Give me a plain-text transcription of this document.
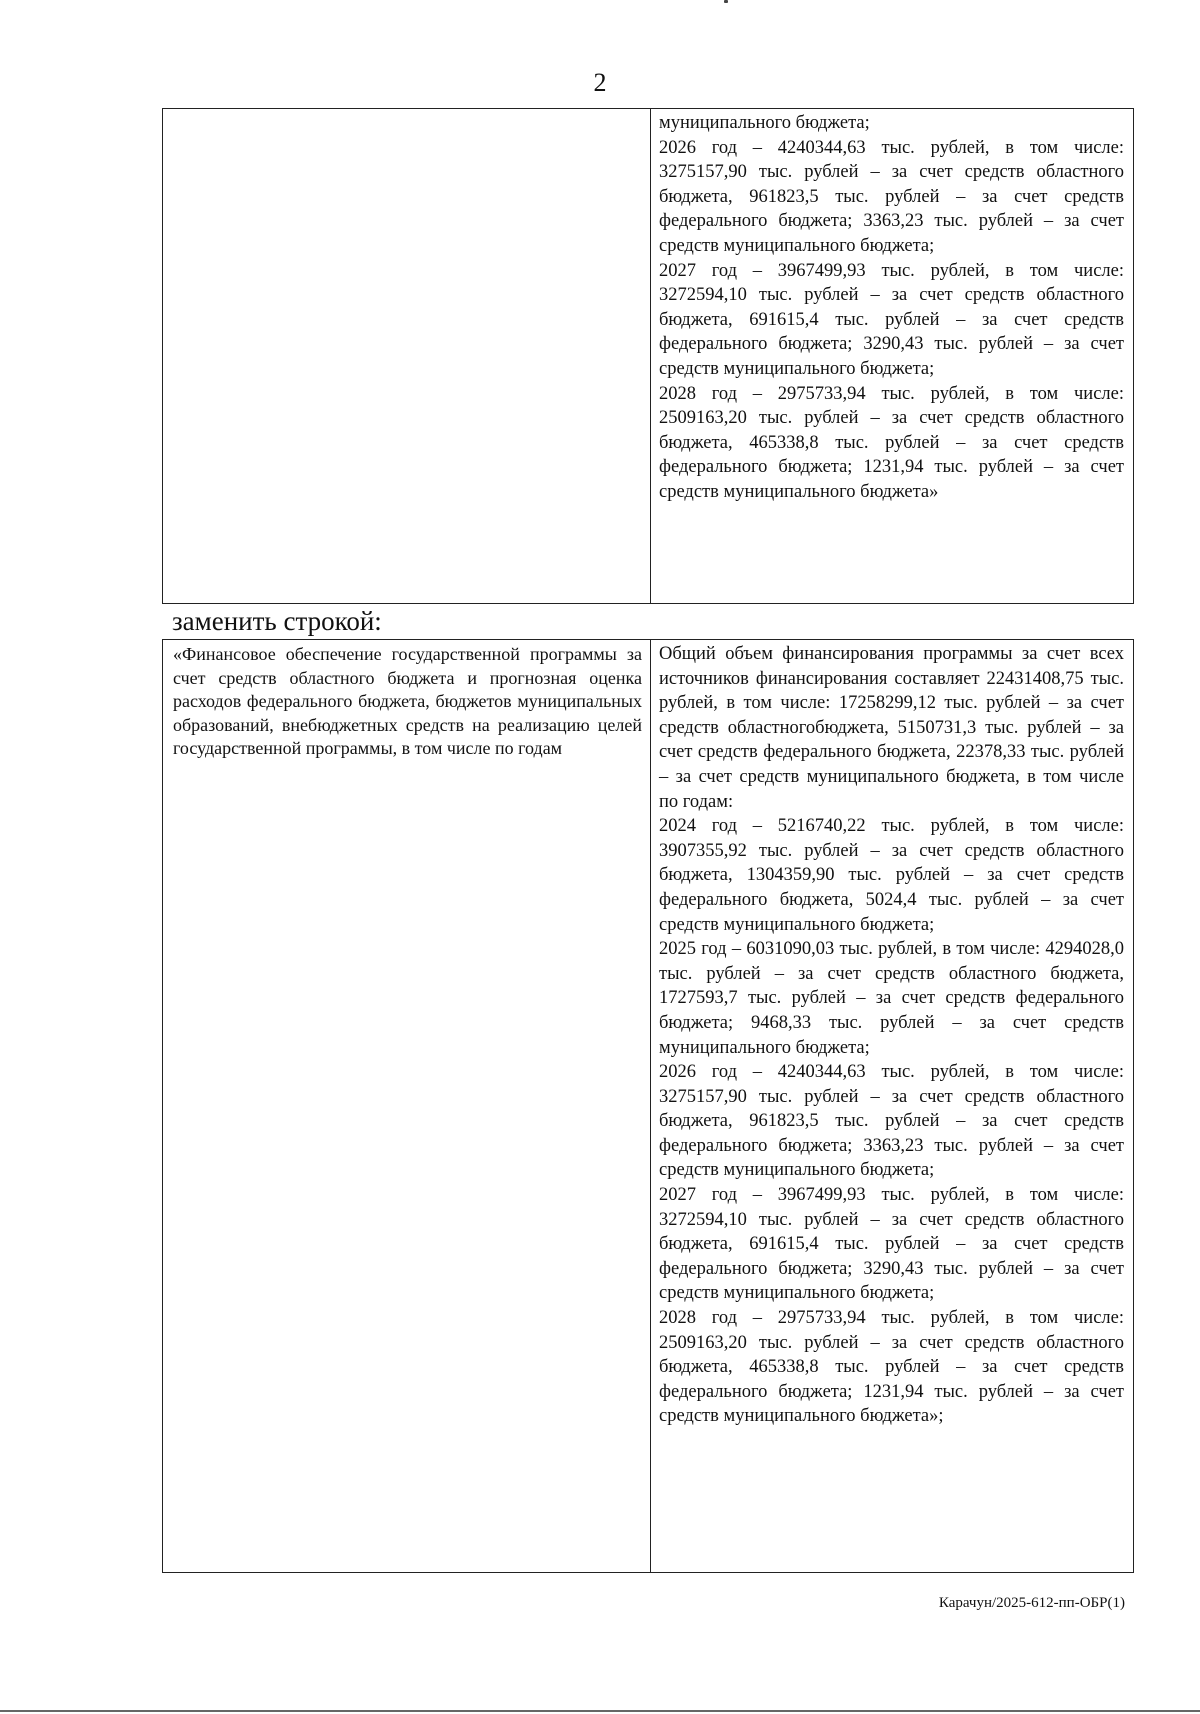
2

муниципального бюджета;

2026 год – 4240344,63 тыс. рублей, в том числе: 3275157,90 тыс. рублей – за счет средств областного бюджета, 961823,5 тыс. рублей – за счет средств федерального бюджета; 3363,23 тыс. рублей – за счет средств муниципального бюджета;

2027 год – 3967499,93 тыс. рублей, в том числе: 3272594,10 тыс. рублей – за счет средств областного бюджета, 691615,4 тыс. рублей – за счет средств федерального бюджета; 3290,43 тыс. рублей – за счет средств муниципального бюджета;

2028 год – 2975733,94 тыс. рублей, в том числе: 2509163,20 тыс. рублей – за счет средств областного бюджета, 465338,8 тыс. рублей – за счет средств федерального бюджета; 1231,94 тыс. рублей – за счет средств муниципального бюджета»

заменить строкой:

«Финансовое обеспечение государственной программы за счет средств областного бюджета и прогнозная оценка расходов федерального бюджета, бюджетов муниципальных образований, внебюджетных средств на реализацию целей государственной программы, в том числе по годам

Общий объем финансирования программы за счет всех источников финансирования составляет 22431408,75 тыс. рублей, в том числе: 17258299,12 тыс. рублей – за счет средств областногобюджета, 5150731,3 тыс. рублей – за счет средств федерального бюджета, 22378,33 тыс. рублей – за счет средств муниципального бюджета, в том числе по годам:

2024 год – 5216740,22 тыс. рублей, в том числе: 3907355,92 тыс. рублей – за счет средств областного бюджета, 1304359,90 тыс. рублей – за счет средств федерального бюджета, 5024,4 тыс. рублей – за счет средств муниципального бюджета;

2025 год – 6031090,03 тыс. рублей, в том числе: 4294028,0 тыс. рублей – за счет средств областного бюджета, 1727593,7 тыс. рублей – за счет средств федерального бюджета; 9468,33 тыс. рублей – за счет средств муниципального бюджета;

2026 год – 4240344,63 тыс. рублей, в том числе: 3275157,90 тыс. рублей – за счет средств областного бюджета, 961823,5 тыс. рублей – за счет средств федерального бюджета; 3363,23 тыс. рублей – за счет средств муниципального бюджета;

2027 год – 3967499,93 тыс. рублей, в том числе: 3272594,10 тыс. рублей – за счет средств областного бюджета, 691615,4 тыс. рублей – за счет средств федерального бюджета; 3290,43 тыс. рублей – за счет средств муниципального бюджета;

2028 год – 2975733,94 тыс. рублей, в том числе: 2509163,20 тыс. рублей – за счет средств областного бюджета, 465338,8 тыс. рублей – за счет средств федерального бюджета; 1231,94 тыс. рублей – за счет средств муниципального бюджета»;

Карачун/2025-612-пп-ОБР(1)
